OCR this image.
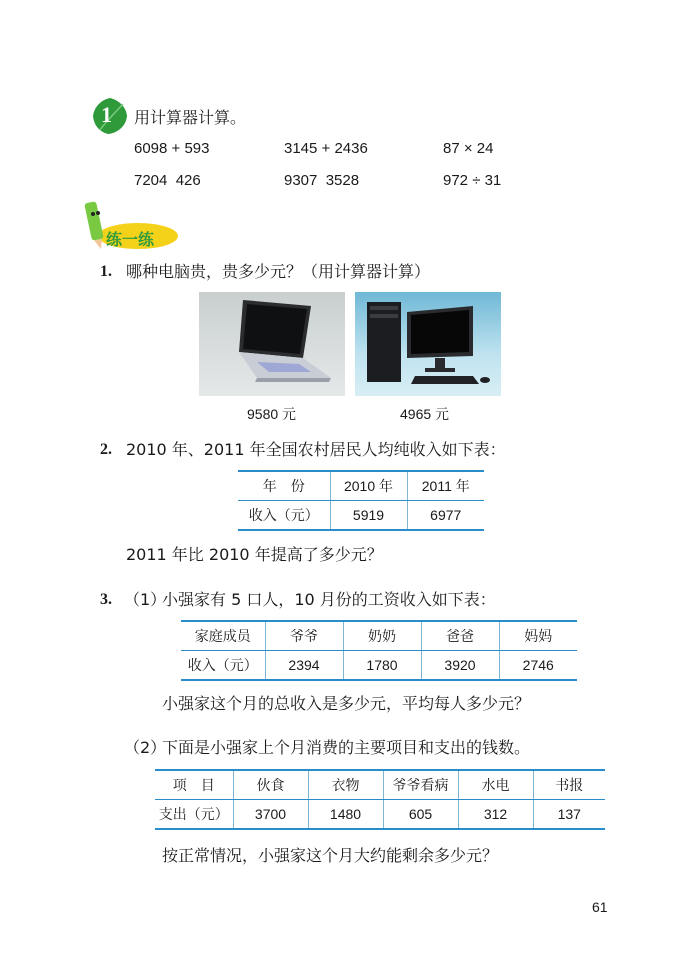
1 用计算器计算。
6098 + 593	3145 + 2436	87 × 24
7204  426	9307  3528	972 ÷ 31
练一练
1. 哪种电脑贵，贵多少元？（用计算器计算）
9580 元	4965 元
2. 2010 年、2011 年全国农村居民人均纯收入如下表：
年　份	2010 年	2011 年
收入（元）	5919	6977
2011 年比 2010 年提高了多少元？
3. （1）
小强家有 5 口人，10 月份的工资收入如下表：
家庭成员	爷爷	奶奶	爸爸	妈妈
收入（元）	2394	1780	3920	2746
小强家这个月的总收入是多少元，平均每人多少元？
（2）
下面是小强家上个月消费的主要项目和支出的钱数。
项　目	伙食	衣物	爷爷看病	水电	书报
支出（元）	3700	1480	605	312	137
按正常情况，小强家这个月大约能剩余多少元？
61
